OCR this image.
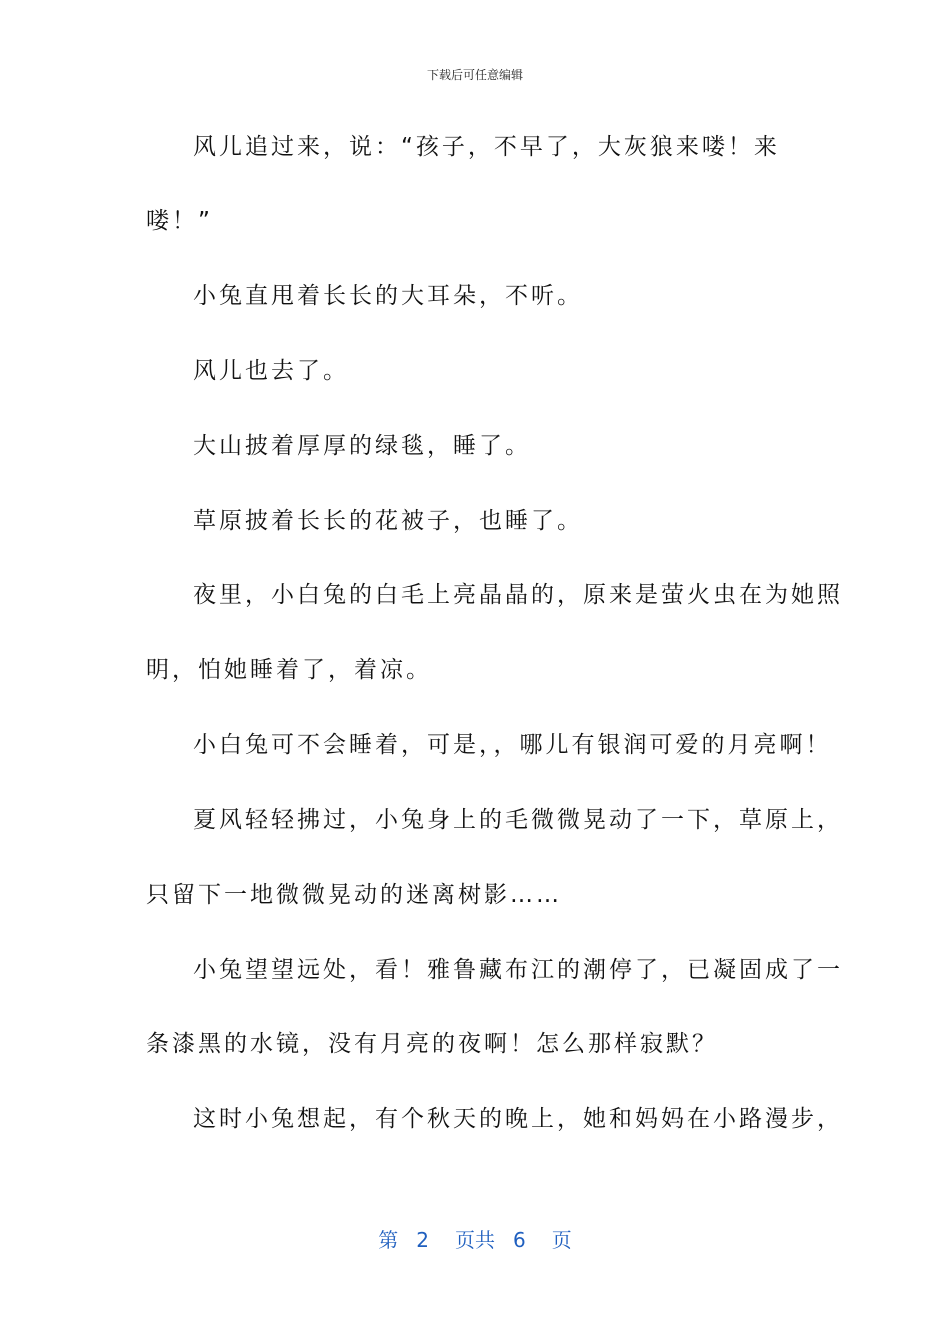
下载后可任意编辑
风儿追过来，说：“孩子，不早了，大灰狼来喽！来
喽！”
小兔直甩着长长的大耳朵，不听。
风儿也去了。
大山披着厚厚的绿毯，睡了。
草原披着长长的花被子，也睡了。
夜里，小白兔的白毛上亮晶晶的，原来是萤火虫在为她照
明，怕她睡着了，着凉。
小白兔可不会睡着，可是，，哪儿有银润可爱的月亮啊！
夏风轻轻拂过，小兔身上的毛微微晃动了一下，草原上，
只留下一地微微晃动的迷离树影……
小兔望望远处，看！雅鲁藏布江的潮停了，已凝固成了一
条漆黑的水镜，没有月亮的夜啊！怎么那样寂默？
这时小兔想起，有个秋天的晚上，她和妈妈在小路漫步，
第 2 页共 6 页
